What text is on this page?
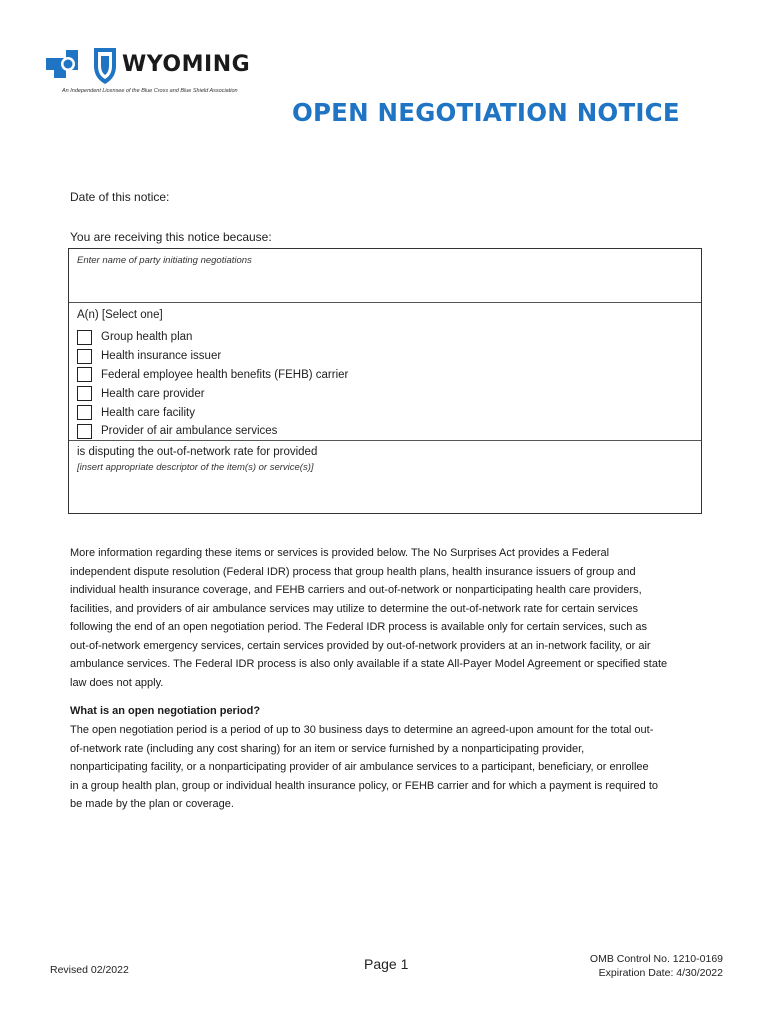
WYOMING
An Independent Licensee of the Blue Cross and Blue Shield Association
OPEN NEGOTIATION NOTICE
Date of this notice:
You are receiving this notice because:
Enter name of party initiating negotiations
A(n) [Select one]
Group health plan
Health insurance issuer
Federal employee health benefits (FEHB) carrier
Health care provider
Health care facility
Provider of air ambulance services
is disputing the out-of-network rate for provided
[insert appropriate descriptor of the item(s) or service(s)]
More information regarding these items or services is provided below. The No Surprises Act provides a Federal
independent dispute resolution (Federal IDR) process that group health plans, health insurance issuers of group and
individual health insurance coverage, and FEHB carriers and out-of-network or nonparticipating health care providers,
facilities, and providers of air ambulance services may utilize to determine the out-of-network rate for certain services
following the end of an open negotiation period. The Federal IDR process is available only for certain services, such as
out-of-network emergency services, certain services provided by out-of-network providers at an in-network facility, or air
ambulance services. The Federal IDR process is also only available if a state All-Payer Model Agreement or specified state
law does not apply.
What is an open negotiation period?
The open negotiation period is a period of up to 30 business days to determine an agreed-upon amount for the total out-
of-network rate (including any cost sharing) for an item or service furnished by a nonparticipating provider,
nonparticipating facility, or a nonparticipating provider of air ambulance services to a participant, beneficiary, or enrollee
in a group health plan, group or individual health insurance policy, or FEHB carrier and for which a payment is required to
be made by the plan or coverage.
Revised 02/2022	Page 1	OMB Control No. 1210-0169
Expiration Date: 4/30/2022
